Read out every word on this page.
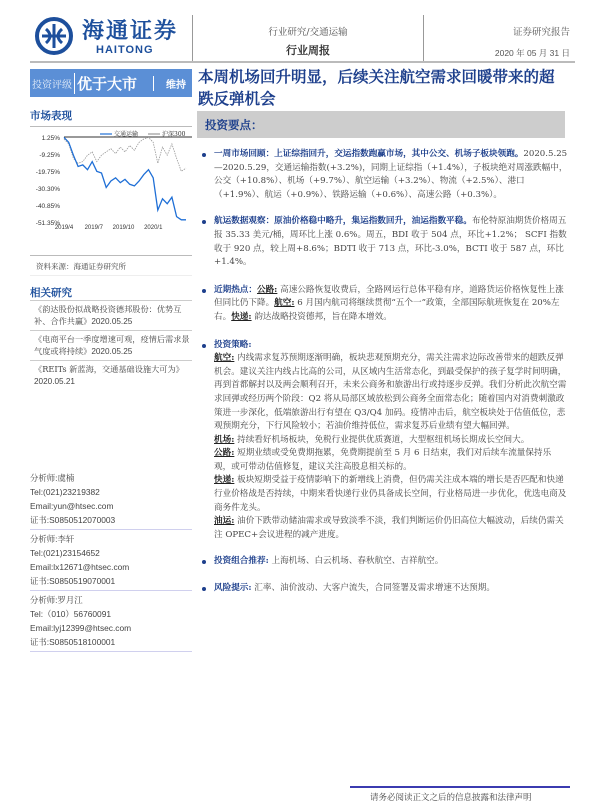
海通证券
HAITONG
行业研究/交通运输
行业周报
证券研究报告
2020 年 05 月 31 日
投资评级 优于大市	维持 本周机场回升明显，后续关注航空需求回暖带来的超跌反弹机会
市场表现
1.25%
-9.25%
-19.75%
-30.30%
-40.85%
-51.35%
2019/4 2019/7 2019/10 2020/1
交通运输	沪深300
资料来源：海通证券研究所
相关研究
《韵达股份拟战略投资德邦股份：优势互补、合作共赢》2020.05.25
《电商平台一季度增速可观，疫情后需求景气度或将持续》2020.05.25
《REITs 新蓝海，交通基础设施大可为》2020.05.21
分析师:虞楠
Tel:(021)23219382
Email:yun@htsec.com
证书:S0850512070003
分析师:李轩
Tel:(021)23154652
Email:lx12671@htsec.com
证书:S0850519070001
分析师:罗月江
Tel:（010）56760091
Email:lyj12399@htsec.com
证书:S0850518100001
投资要点：
一周市场回顾：上证综指回升，交运指数跑赢市场，其中公交、机场子板块领跑。2020.5.25—2020.5.29，交通运输指数(+3.2%)，同期上证综指（+1.4%），子板块绝对周涨跌幅中，公交（+10.8%）、机场（+9.7%）、航空运输（+3.2%）、物流（+2.5%）、港口（+1.9%）、航运（+0.9%）、铁路运输（+0.6%）、高速公路（+0.3%）。
航运数据观察：原油价格稳中略升，集运指数回升，油运指数平稳。布伦特原油期货价格周五报 35.33 美元/桶，周环比上涨 0.6%。周五，BDI 收于 504 点，环比+1.2%； SCFI 指数收于 920 点，较上周+8.6%；BDTI 收于 713 点，环比-3.0%，BCTI 收于 587 点，环比+1.4%。
近期热点：公路: 高速公路恢复收费后，全路网运行总体平稳有序，道路货运价格恢复性上涨但同比仍下降。航空: 6 月国内航司将继续贯彻“五个一”政策，全部国际航班恢复在 20%左右。快递: 韵达战略投资德邦，旨在降本增效。
投资策略:
航空: 内线需求复苏预期逐渐明确，板块悲观预期充分，需关注需求边际改善带来的超跌反弹机会。建议关注内线占比高的公司，从区域内生活常态化，到最受保护的孩子复学时间明确，再到首都解封以及两会顺利召开，未来公商务和旅游出行或持逐步反弹。我们分析此次航空需求回弹或经历两个阶段：Q2 将从局部区域放松到公商务全面常态化；随着国内对消费刺激政策进一步深化，低端旅游出行有望在 Q3/Q4 加码。疫情冲击后，航空板块处于估值低位，悲观预期充分，下行风险较小；若油价维持低位，需求复苏后业绩有望大幅回弹。
机场: 持续看好机场板块，免税行业提供优质赛道，大型枢纽机场长期成长空间大。
公路: 短期业绩或受免费期拖累，免费期提前至 5 月 6 日结束，我们对后续车流量保持乐观，或可带动估值修复，建议关注高股息相关标的。
快递: 板块短期受益于疫情影响下的新增线上消费，但仍需关注成本端的增长是否匹配和快递行业价格战是否持续，中期来看快递行业仍具备成长空间，行业格局进一步优化，优选电商及商务件龙头。
油运: 油价下跌带动储油需求或导致淡季不淡，我们判断运价仍旧高位大幅波动，后续仍需关注 OPEC+会议进程的减产进度。
投资组合推荐: 上海机场、白云机场、春秋航空、吉祥航空。
风险提示: 汇率、油价波动、大客户流失，合同签署及需求增速不达预期。
请务必阅读正文之后的信息披露和法律声明
